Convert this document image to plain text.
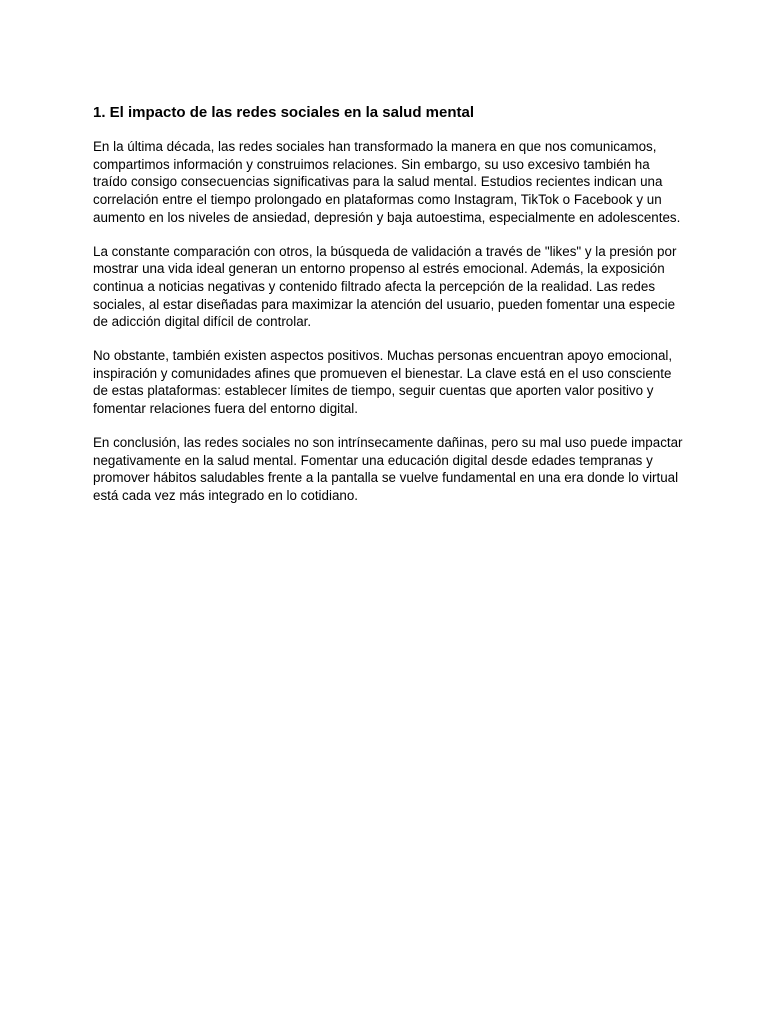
1. El impacto de las redes sociales en la salud mental

En la última década, las redes sociales han transformado la manera en que nos comunicamos, compartimos información y construimos relaciones. Sin embargo, su uso excesivo también ha traído consigo consecuencias significativas para la salud mental. Estudios recientes indican una correlación entre el tiempo prolongado en plataformas como Instagram, TikTok o Facebook y un aumento en los niveles de ansiedad, depresión y baja autoestima, especialmente en adolescentes.

La constante comparación con otros, la búsqueda de validación a través de "likes" y la presión por mostrar una vida ideal generan un entorno propenso al estrés emocional. Además, la exposición continua a noticias negativas y contenido filtrado afecta la percepción de la realidad. Las redes sociales, al estar diseñadas para maximizar la atención del usuario, pueden fomentar una especie de adicción digital difícil de controlar.

No obstante, también existen aspectos positivos. Muchas personas encuentran apoyo emocional, inspiración y comunidades afines que promueven el bienestar. La clave está en el uso consciente de estas plataformas: establecer límites de tiempo, seguir cuentas que aporten valor positivo y fomentar relaciones fuera del entorno digital.

En conclusión, las redes sociales no son intrínsecamente dañinas, pero su mal uso puede impactar negativamente en la salud mental. Fomentar una educación digital desde edades tempranas y promover hábitos saludables frente a la pantalla se vuelve fundamental en una era donde lo virtual está cada vez más integrado en lo cotidiano.
